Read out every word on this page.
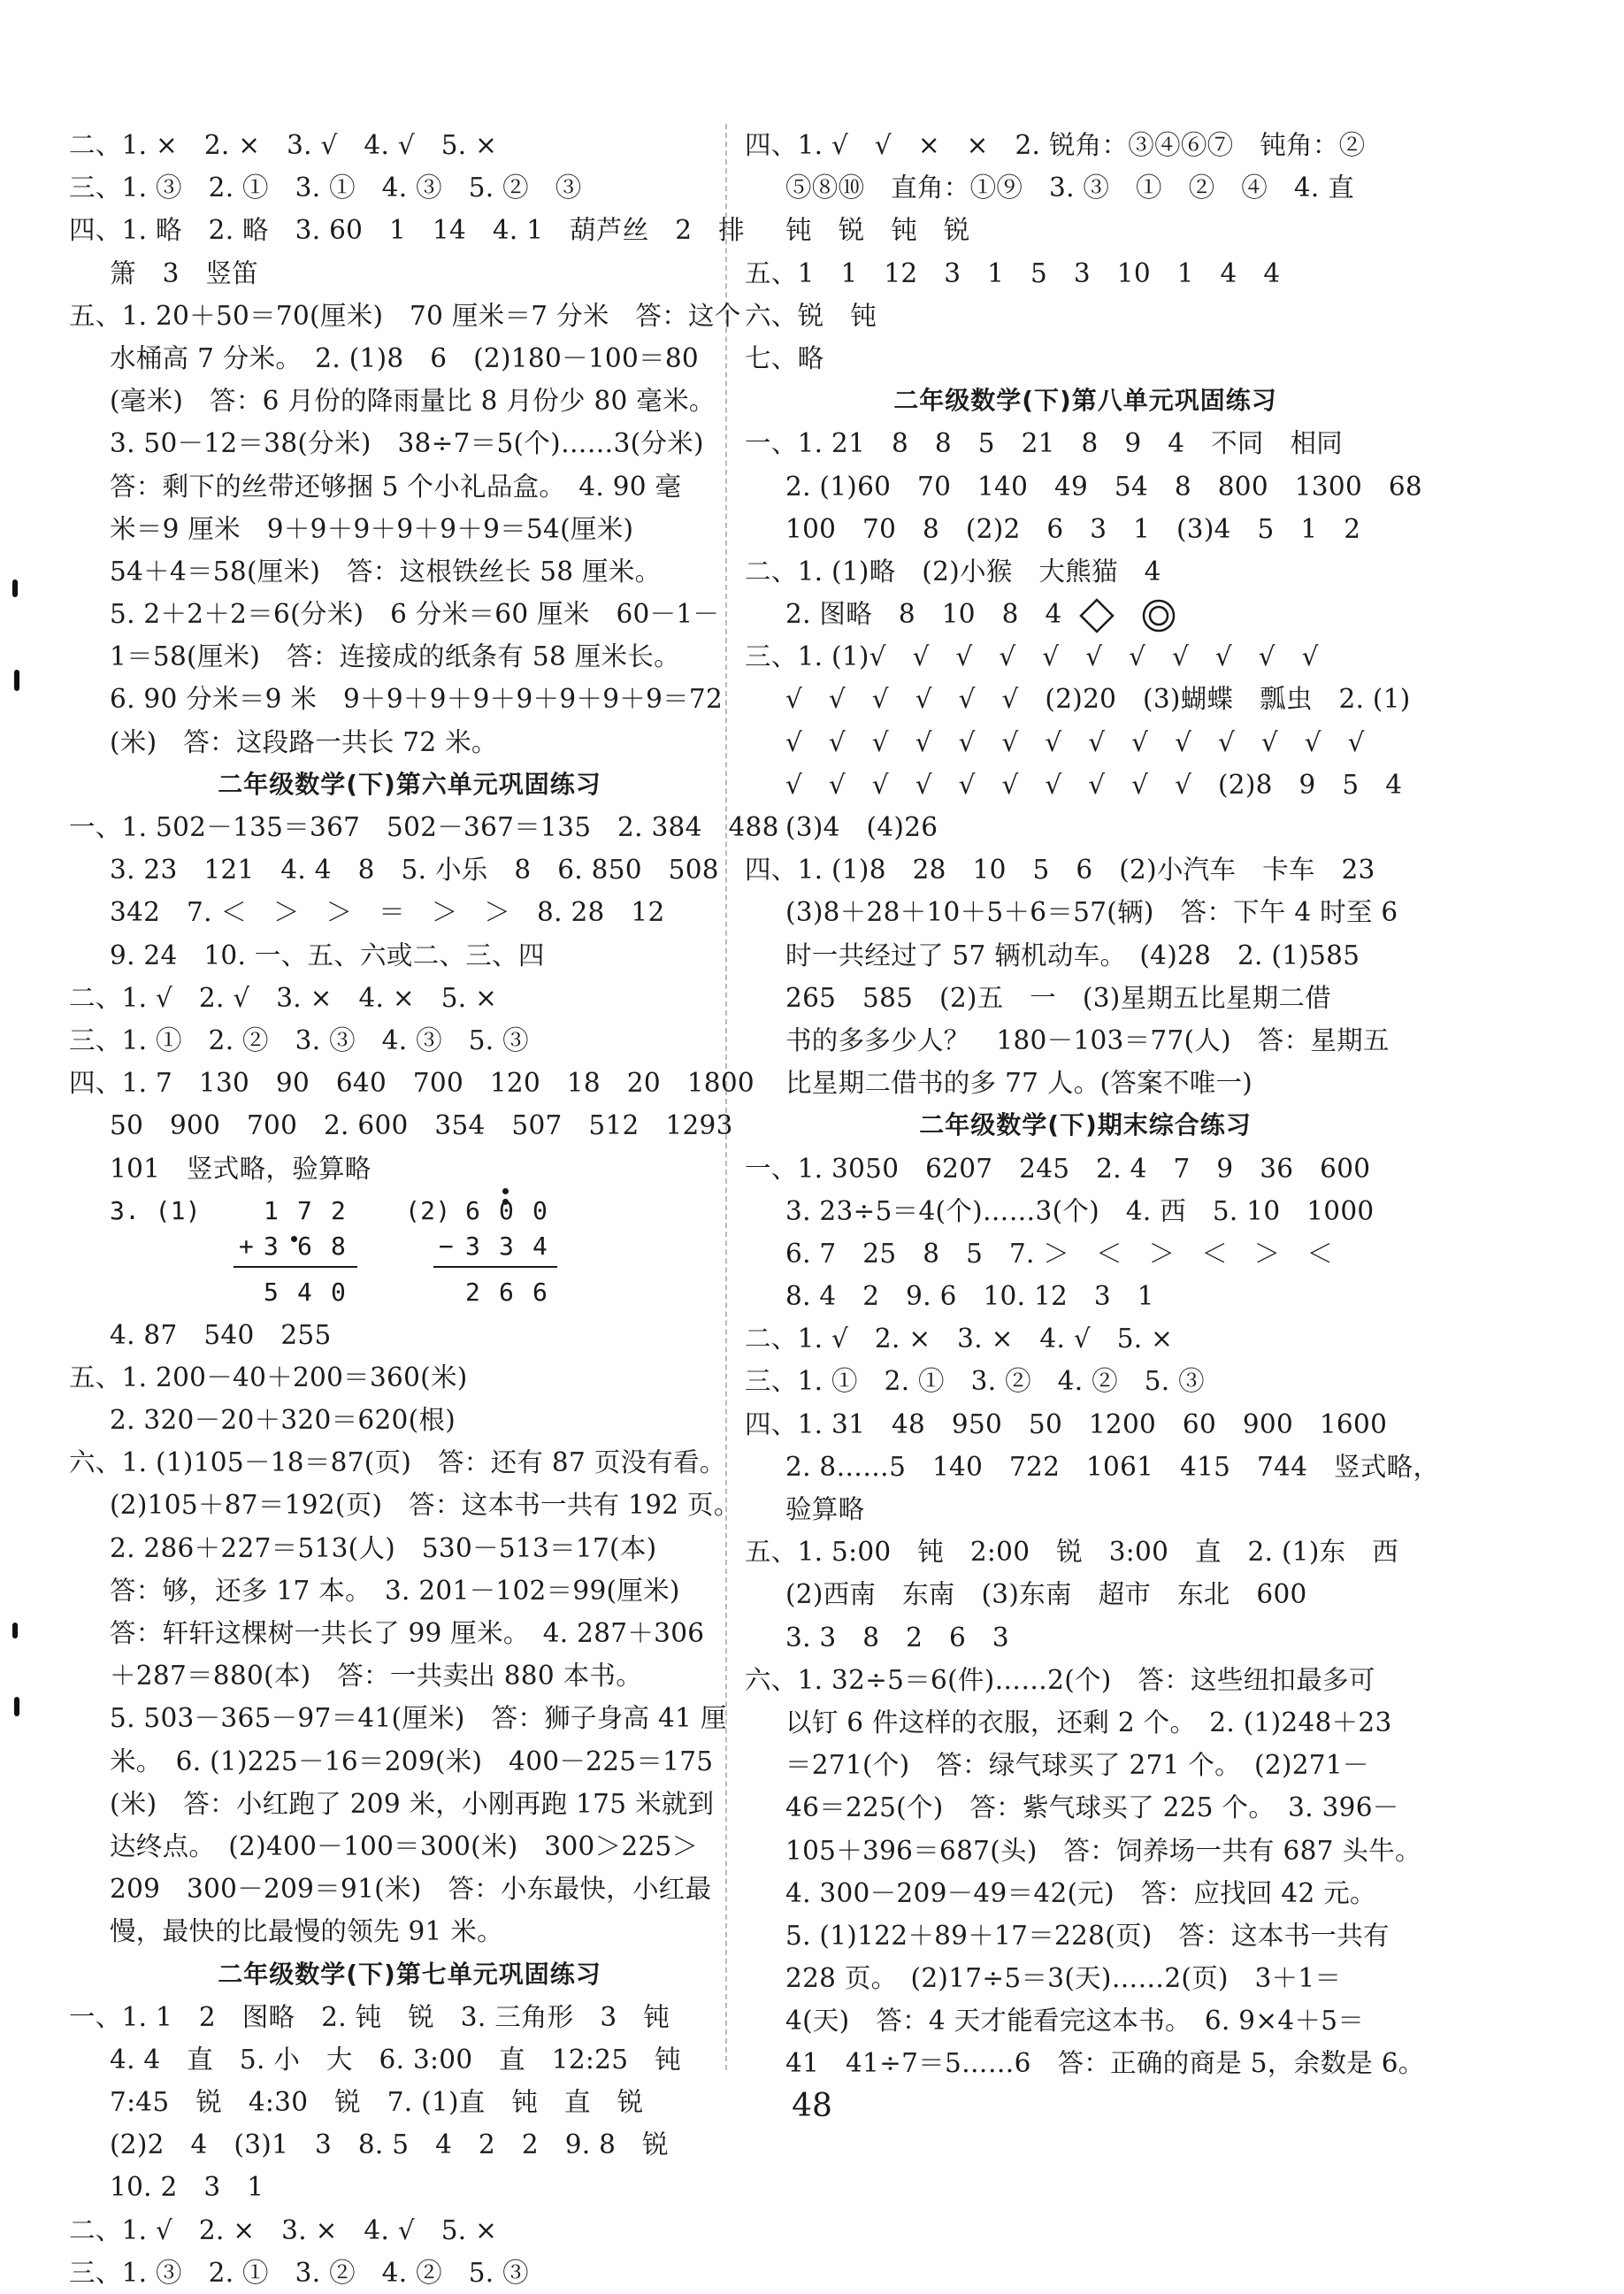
二、1. ×　2. ×　3. √　4. √　5. ×
三、1. ③　2. ①　3. ①　4. ③　5. ②　③
四、1. 略　2. 略　3. 60　1　14　4. 1　葫芦丝　2　排
箫　3　竖笛
五、1. 20＋50＝70(厘米)　70 厘米＝7 分米　答：这个
水桶高 7 分米。　2. (1)8　6　(2)180－100＝80
(毫米)　答：6 月份的降雨量比 8 月份少 80 毫米。
3. 50－12＝38(分米)　38÷7＝5(个)……3(分米)
答：剩下的丝带还够捆 5 个小礼品盒。　4. 90 毫
米＝9 厘米　9＋9＋9＋9＋9＋9＝54(厘米)
54＋4＝58(厘米)　答：这根铁丝长 58 厘米。
5. 2＋2＋2＝6(分米)　6 分米＝60 厘米　60－1－
1＝58(厘米)　答：连接成的纸条有 58 厘米长。
6. 90 分米＝9 米　9＋9＋9＋9＋9＋9＋9＋9＝72
(米)　答：这段路一共长 72 米。
二年级数学(下)第六单元巩固练习
一、1. 502－135＝367　502－367＝135　2. 384　488
3. 23　121　4. 4　8　5. 小乐　8　6. 850　508
342　7. ＜　＞　＞　＝　＞　＞　8. 28　12
9. 24　10. 一、五、六或二、三、四
二、1. √　2. √　3. ×　4. ×　5. ×
三、1. ①　2. ②　3. ③　4. ③　5. ③
四、1. 7　130　90　640　700　120　18　20　1800
50　900　700　2. 600　354　507　512　1293
101　竖式略，验算略
3. (1)	1 7 2
+ 3 6 8
5 4 0
(2) 6 0 0
− 3 3 4
2 6 6
4. 87　540　255
五、1. 200－40＋200＝360(米)
2. 320－20＋320＝620(根)
六、1. (1)105－18＝87(页)　答：还有 87 页没有看。
(2)105＋87＝192(页)　答：这本书一共有 192 页。
2. 286＋227＝513(人)　530－513＝17(本)
答：够，还多 17 本。　3. 201－102＝99(厘米)
答：轩轩这棵树一共长了 99 厘米。　4. 287＋306
＋287＝880(本)　答：一共卖出 880 本书。
5. 503－365－97＝41(厘米)　答：狮子身高 41 厘
米。　6. (1)225－16＝209(米)　400－225＝175
(米)　答：小红跑了 209 米，小刚再跑 175 米就到
达终点。　(2)400－100＝300(米)　300＞225＞
209　300－209＝91(米)　答：小东最快，小红最
慢，最快的比最慢的领先 91 米。
二年级数学(下)第七单元巩固练习
一、1. 1　2　图略　2. 钝　锐　3. 三角形　3　钝
4. 4　直　5. 小　大　6. 3:00　直　12:25　钝
7:45　锐　4:30　锐　7. (1)直　钝　直　锐
(2)2　4　(3)1　3　8. 5　4　2　2　9. 8　锐
10. 2　3　1
二、1. √　2. ×　3. ×　4. √　5. ×
三、1. ③　2. ①　3. ②　4. ②　5. ③
四、1. √　√　×　×　2. 锐角：③④⑥⑦　钝角：②
⑤⑧⑩　直角：①⑨　3. ③　①　②　④　4. 直
钝　锐　钝　锐
五、1　1　12　3　1　5　3　10　1　4　4
六、锐　钝
七、略
二年级数学(下)第八单元巩固练习
一、1. 21　8　8　5　21　8　9　4　不同　相同
2. (1)60　70　140　49　54　8　800　1300　68
100　70　8　(2)2　6　3　1　(3)4　5　1　2
二、1. (1)略　(2)小猴　大熊猫　4
2. 图略　8　10　8　4
三、1. (1)√　√　√　√　√　√　√　√　√　√　√
√　√　√　√　√　√　(2)20　(3)蝴蝶　瓢虫　2. (1)
√　√　√　√　√　√　√　√　√　√　√　√　√　√
√　√　√　√　√　√　√　√　√　√　(2)8　9　5　4
(3)4　(4)26
四、1. (1)8　28　10　5　6　(2)小汽车　卡车　23
(3)8＋28＋10＋5＋6＝57(辆)　答：下午 4 时至 6
时一共经过了 57 辆机动车。　(4)28　2. (1)585
265　585　(2)五　一　(3)星期五比星期二借
书的多多少人？　180－103＝77(人)　答：星期五
比星期二借书的多 77 人。(答案不唯一)
二年级数学(下)期末综合练习
一、1. 3050　6207　245　2. 4　7　9　36　600
3. 23÷5＝4(个)……3(个)　4. 西　5. 10　1000
6. 7　25　8　5　7. ＞　＜　＞　＜　＞　＜
8. 4　2　9. 6　10. 12　3　1
二、1. √　2. ×　3. ×　4. √　5. ×
三、1. ①　2. ①　3. ②　4. ②　5. ③
四、1. 31　48　950　50　1200　60　900　1600
2. 8……5　140　722　1061　415　744　竖式略，
验算略
五、1. 5:00　钝　2:00　锐　3:00　直　2. (1)东　西
(2)西南　东南　(3)东南　超市　东北　600
3. 3　8　2　6　3
六、1. 32÷5＝6(件)……2(个)　答：这些纽扣最多可
以钉 6 件这样的衣服，还剩 2 个。　2. (1)248＋23
＝271(个)　答：绿气球买了 271 个。　(2)271－
46＝225(个)　答：紫气球买了 225 个。　3. 396－
105＋396＝687(头)　答：饲养场一共有 687 头牛。
4. 300－209－49＝42(元)　答：应找回 42 元。
5. (1)122＋89＋17＝228(页)　答：这本书一共有
228 页。　(2)17÷5＝3(天)……2(页)　3＋1＝
4(天)　答：4 天才能看完这本书。　6. 9×4＋5＝
41　41÷7＝5……6　答：正确的商是 5，余数是 6。
48
